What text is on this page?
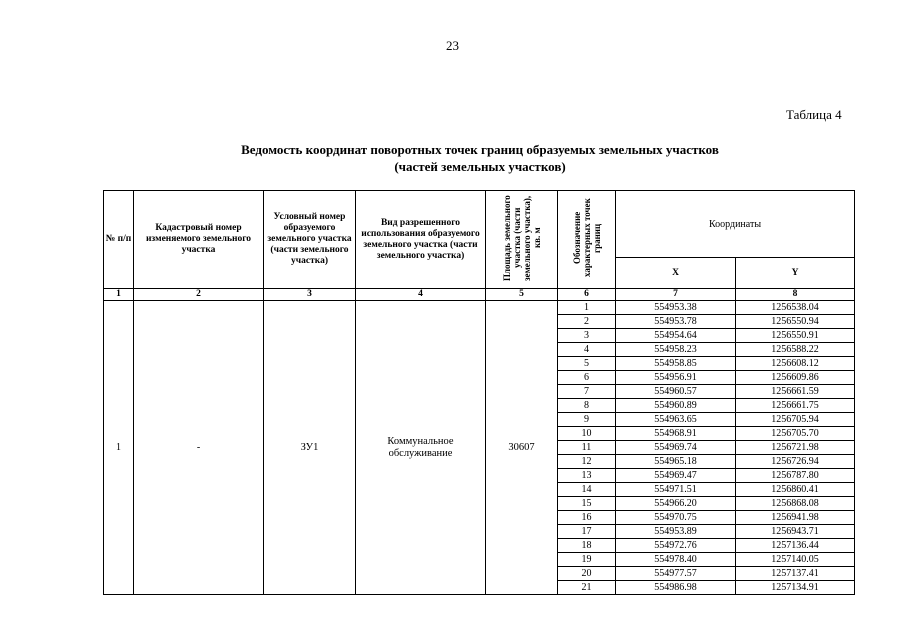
23
Таблица 4
Ведомость координат поворотных точек границ образуемых земельных участков
(частей земельных участков)
№ п/п	Кадастровый номер изменяемого земельного участка	Условный номер образуемого земельного участка (части земельного участка)	Вид разрешенного использования образуемого земельного участка (части земельного участка)	Площадь земельного участка (части земельного участка), кв. м	Обозначение характерных точек границ	Координаты	
						X	Y
1	2	3	4	5	6	7	8
1	-	ЗУ1	Коммунальное обслуживание	30607	1	554953.38	1256538.04
					2	554953.78	1256550.94
					3	554954.64	1256550.91
					4	554958.23	1256588.22
					5	554958.85	1256608.12
					6	554956.91	1256609.86
					7	554960.57	1256661.59
					8	554960.89	1256661.75
					9	554963.65	1256705.94
					10	554968.91	1256705.70
					11	554969.74	1256721.98
					12	554965.18	1256726.94
					13	554969.47	1256787.80
					14	554971.51	1256860.41
					15	554966.20	1256868.08
					16	554970.75	1256941.98
					17	554953.89	1256943.71
					18	554972.76	1257136.44
					19	554978.40	1257140.05
					20	554977.57	1257137.41
					21	554986.98	1257134.91
